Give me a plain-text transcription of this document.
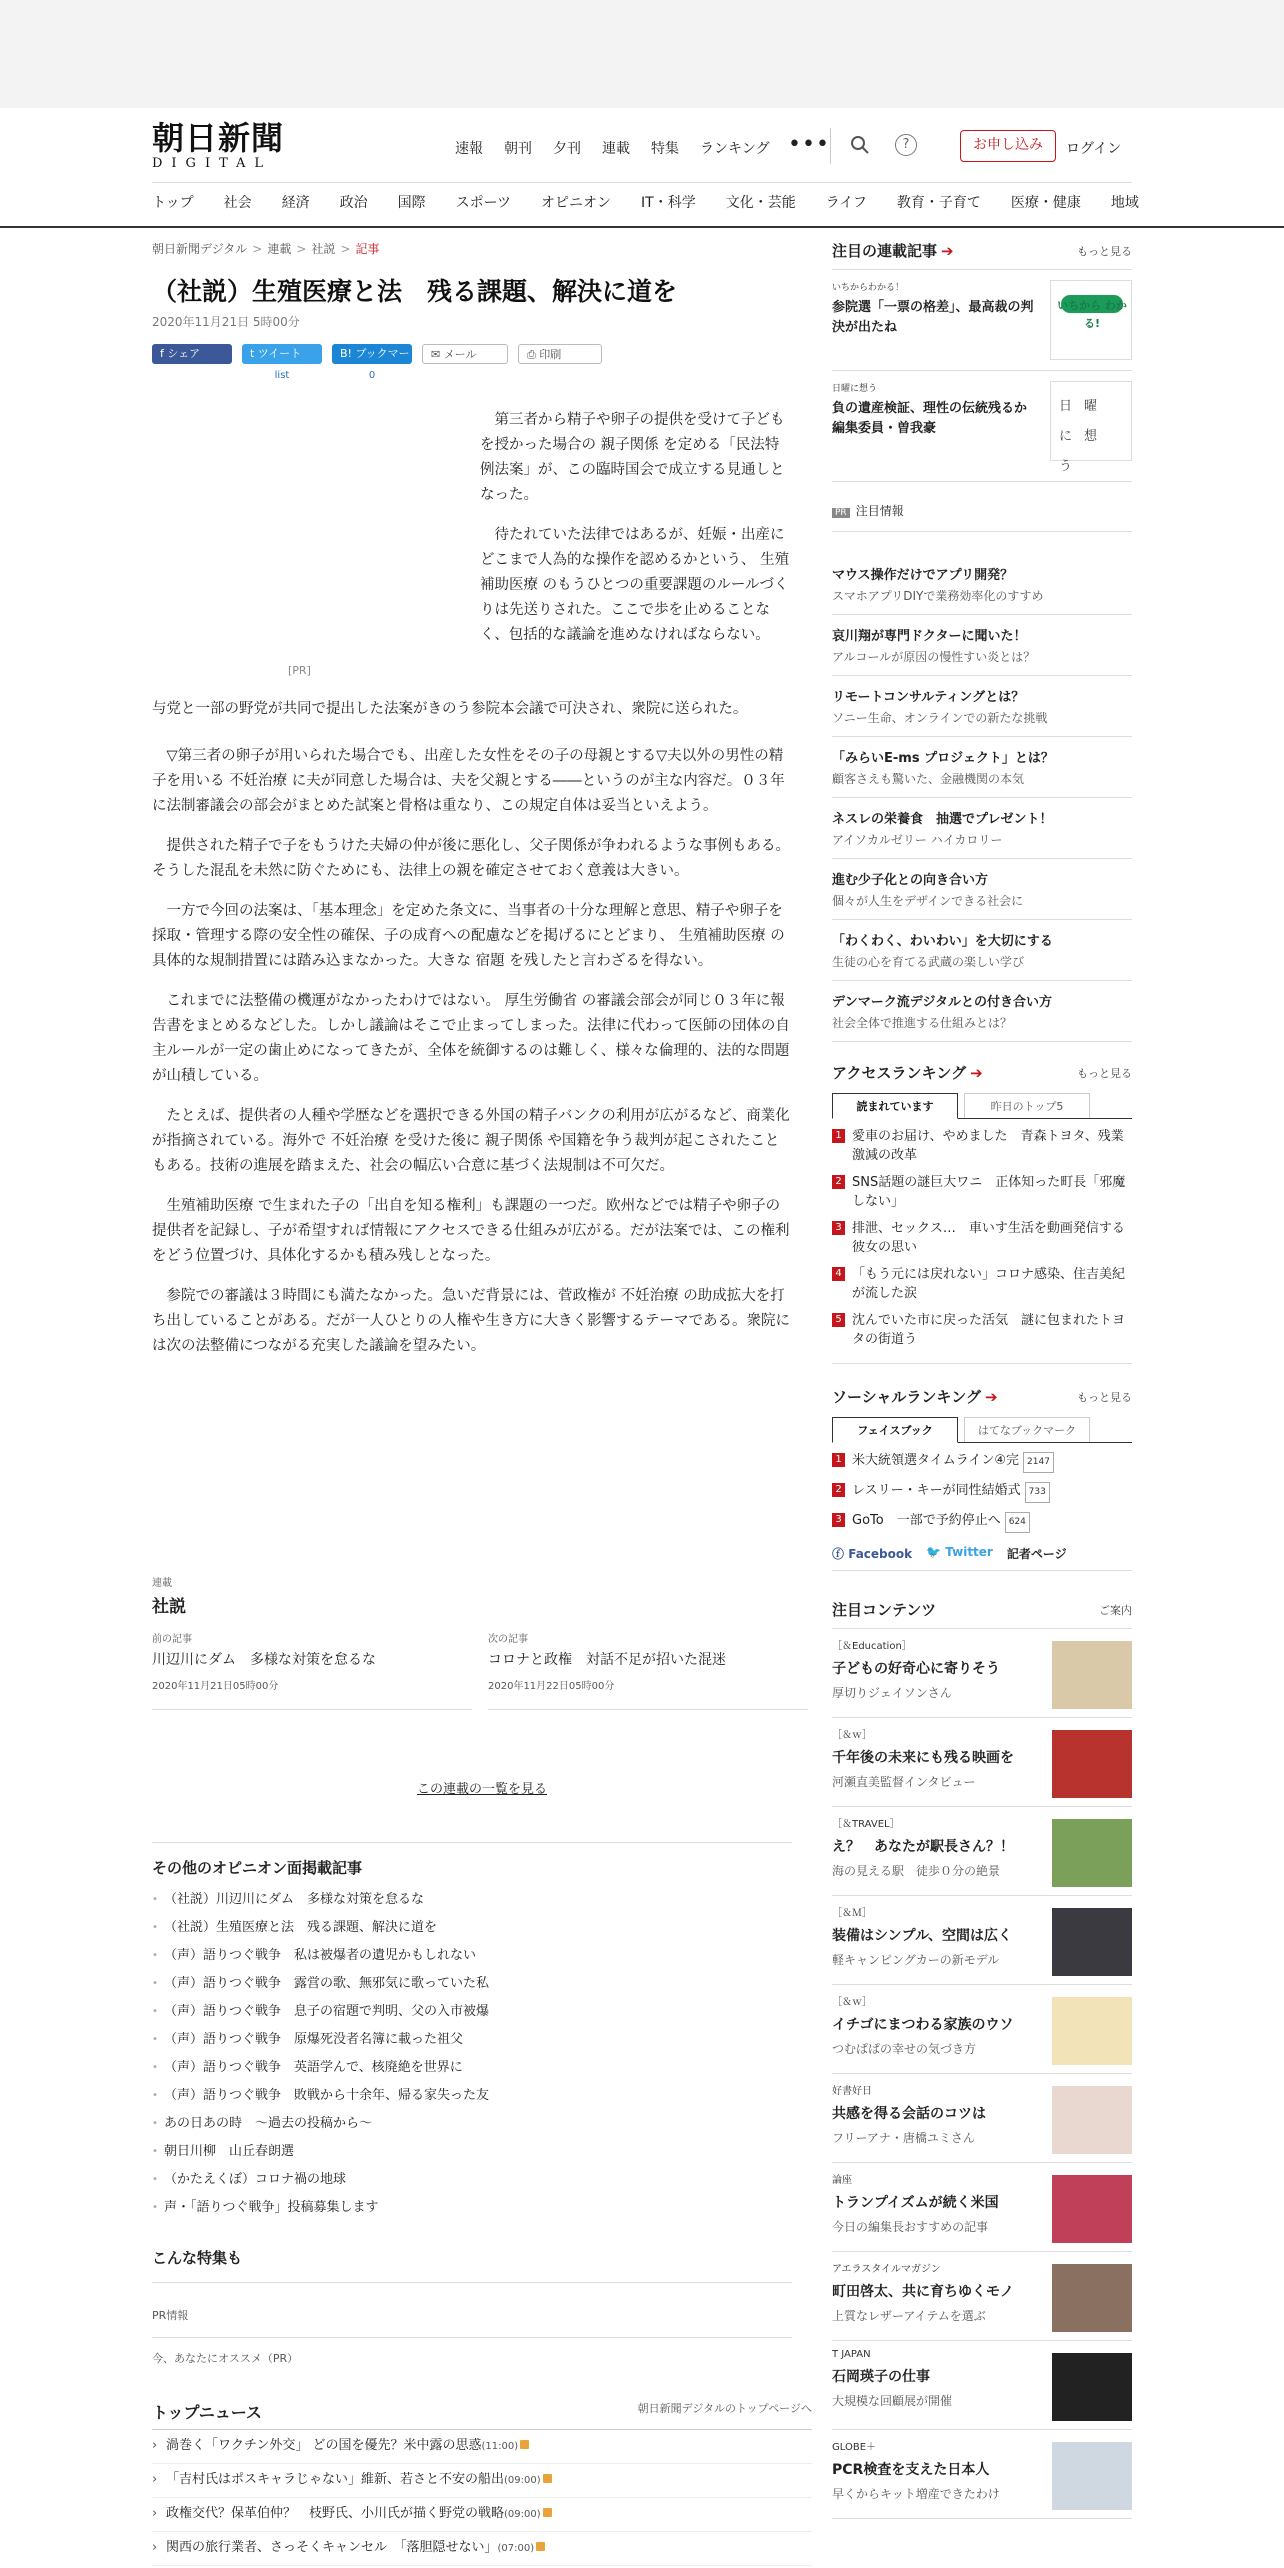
朝日新聞
DIGITAL
速報 朝刊 夕刊 連載 特集 ランキング •••	?	お申し込み	ログイン
トップ 社会 経済 政治 国際 スポーツ オピニオン IT・科学 文化・芸能 ライフ 教育・子育て 医療・健康 地域
朝日新聞デジタル > 連載 > 社説 > 記事
（社説）生殖医療と法　残る課題、解決に道を
2020年11月21日 5時00分
f シェア	t ツイート
list
B! ブックマーク	0
✉ メール	⎙ 印刷
[PR]

第三者から精子や卵子の提供を受けて子どもを授かった場合の 親子関係 を定める「民法特例法案」が、この臨時国会で成立する見通しとなった。

待たれていた法律ではあるが、妊娠・出産にどこまで人為的な操作を認めるかという、 生殖補助医療 のもうひとつの重要課題のルールづくりは先送りされた。ここで歩を止めることなく、包括的な議論を進めなければならない。

与党と一部の野党が共同で提出した法案がきのう参院本会議で可決され、衆院に送られた。

▽第三者の卵子が用いられた場合でも、出産した女性をその子の母親とする▽夫以外の男性の精子を用いる 不妊治療 に夫が同意した場合は、夫を父親とする――というのが主な内容だ。０３年に法制審議会の部会がまとめた試案と骨格は重なり、この規定自体は妥当といえよう。

提供された精子で子をもうけた夫婦の仲が後に悪化し、父子関係が争われるような事例もある。そうした混乱を未然に防ぐためにも、法律上の親を確定させておく意義は大きい。

一方で今回の法案は、「基本理念」を定めた条文に、当事者の十分な理解と意思、精子や卵子を採取・管理する際の安全性の確保、子の成育への配慮などを掲げるにとどまり、 生殖補助医療 の具体的な規制措置には踏み込まなかった。大きな 宿題 を残したと言わざるを得ない。

これまでに法整備の機運がなかったわけではない。 厚生労働省 の審議会部会が同じ０３年に報告書をまとめるなどした。しかし議論はそこで止まってしまった。法律に代わって医師の団体の自主ルールが一定の歯止めになってきたが、全体を統御するのは難しく、様々な倫理的、法的な問題が山積している。

たとえば、提供者の人種や学歴などを選択できる外国の精子バンクの利用が広がるなど、商業化が指摘されている。海外で 不妊治療 を受けた後に 親子関係 や国籍を争う裁判が起こされたこともある。技術の進展を踏まえた、社会の幅広い合意に基づく法規制は不可欠だ。

生殖補助医療 で生まれた子の「出自を知る権利」も課題の一つだ。欧州などでは精子や卵子の提供者を記録し、子が希望すれば情報にアクセスできる仕組みが広がる。だが法案では、この権利をどう位置づけ、具体化するかも積み残しとなった。

参院での審議は３時間にも満たなかった。急いだ背景には、菅政権が 不妊治療 の助成拡大を打ち出していることがある。だが一人ひとりの人権や生き方に大きく影響するテーマである。衆院には次の法整備につながる充実した議論を望みたい。

連載
社説
前の記事
川辺川にダム　多様な対策を怠るな
2020年11月21日05時00分
次の記事
コロナと政権　対話不足が招いた混迷
2020年11月22日05時00分
この連載の一覧を見る
その他のオピニオン面掲載記事
• （社説）川辺川にダム　多様な対策を怠るな
• （社説）生殖医療と法　残る課題、解決に道を
• （声）語りつぐ戦争　私は被爆者の遺児かもしれない
• （声）語りつぐ戦争　露営の歌、無邪気に歌っていた私
• （声）語りつぐ戦争　息子の宿題で判明、父の入市被爆
• （声）語りつぐ戦争　原爆死没者名簿に載った祖父
• （声）語りつぐ戦争　英語学んで、核廃絶を世界に
• （声）語りつぐ戦争　敗戦から十余年、帰る家失った友
• あの日あの時　～過去の投稿から～
• 朝日川柳　山丘春朗選
• （かたえくぼ）コロナ禍の地球
• 声・「語りつぐ戦争」投稿募集します
こんな特集も
PR情報
今、あなたにオススメ（PR）
トップニュース	朝日新聞デジタルのトップページへ
› 渦巻く「ワクチン外交」 どの国を優先？米中露の思惑(11:00)
› 「吉村氏はポスキャラじゃない」維新、若さと不安の船出(09:00)
› 政権交代？保革伯仲？　枝野氏、小川氏が描く野党の戦略(09:00)
› 関西の旅行業者、さっそくキャンセル　「落胆隠せない」(07:00)
注目の連載記事 ➔	もっと見る
いちからわかる！
参院選「一票の格差」、最高裁の判決が出たね
いちから わかる!
日曜に想う
負の遺産検証、理性の伝統残るか　編集委員・曽我豪
日曜に想う
PR 注目情報
マウス操作だけでアプリ開発？
スマホアプリDIYで業務効率化のすすめ
哀川翔が専門ドクターに聞いた！
アルコールが原因の慢性すい炎とは？
リモートコンサルティングとは？
ソニー生命、オンラインでの新たな挑戦
「みらいE-ms プロジェクト」とは？
顧客さえも驚いた、金融機関の本気
ネスレの栄養食　抽選でプレゼント！
アイソカルゼリー ハイカロリー
進む少子化との向き合い方
個々が人生をデザインできる社会に
「わくわく、わいわい」を大切にする
生徒の心を育てる武蔵の楽しい学び
デンマーク流デジタルとの付き合い方
社会全体で推進する仕組みとは？
アクセスランキング ➔	もっと見る
読まれています	昨日のトップ5
1 愛車のお届け、やめました　青森トヨタ、残業激減の改革
2 SNS話題の謎巨大ワニ　正体知った町長「邪魔しない」
3 排泄、セックス…　車いす生活を動画発信する彼女の思い
4 「もう元には戻れない」コロナ感染、住吉美紀が流した涙
5 沈んでいた市に戻った活気　謎に包まれたトヨタの街道う
ソーシャルランキング ➔	もっと見る
フェイスブック	はてなブックマーク
1 米大統領選タイムライン④完 2147
2 レスリー・キーが同性結婚式 733
3 GoTo　一部で予約停止へ 624
ⓕ Facebook 🐦 Twitter 記者ページ
注目コンテンツ	ご案内
［＆Education］
子どもの好奇心に寄りそう
厚切りジェイソンさん
［＆ｗ］
千年後の未来にも残る映画を
河瀬直美監督インタビュー
［＆TRAVEL］
え？　あなたが駅長さん？！
海の見える駅　徒歩０分の絶景
［＆Ｍ］
装備はシンプル、空間は広く
軽キャンピングカーの新モデル
［＆ｗ］
イチゴにまつわる家族のウソ
つむぱぱの幸せの気づき方
好書好日
共感を得る会話のコツは
フリーアナ・唐橋ユミさん
論座
トランプイズムが続く米国
今日の編集長おすすめの記事
アエラスタイルマガジン
町田啓太、共に育ちゆくモノ
上質なレザーアイテムを選ぶ
T JAPAN
石岡瑛子の仕事
大規模な回顧展が開催
GLOBE＋
PCR検査を支えた日本人
早くからキット増産できたわけ
